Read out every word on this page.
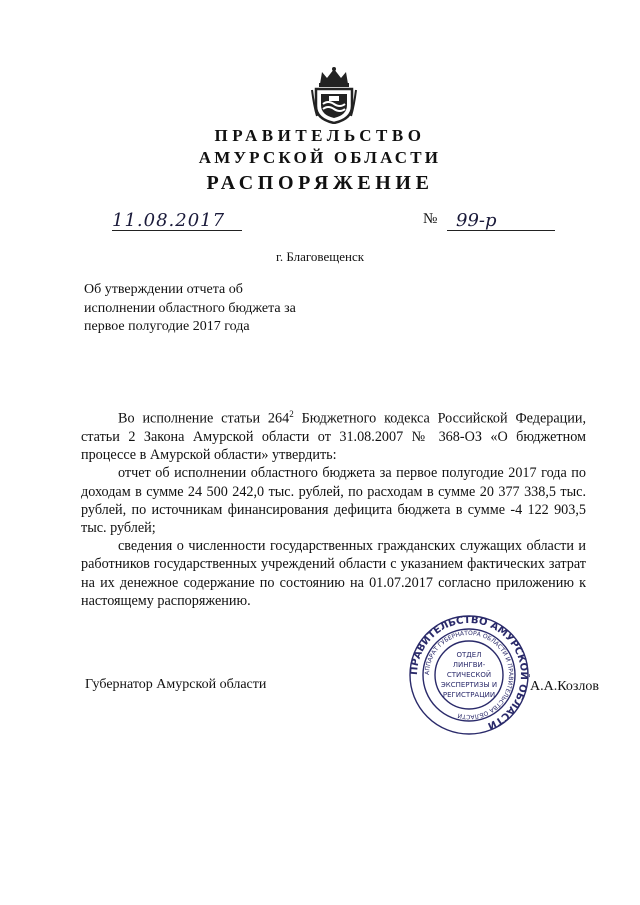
ПРАВИТЕЛЬСТВО
АМУРСКОЙ ОБЛАСТИ
РАСПОРЯЖЕНИЕ
11.08.2017	№ 99-р
г. Благовещенск
Об утверждении отчета об исполнении областного бюджета за первое полугодие 2017 года

Во исполнение статьи $264^2$ Бюджетного кодекса Российской Федерации, статьи 2 Закона Амурской области от 31.08.2007 № 368-ОЗ «О бюджетном процессе в Амурской области» утвердить:

отчет об исполнении областного бюджета за первое полугодие 2017 года по доходам в сумме 24 500 242,0 тыс. рублей, по расходам в сумме 20 377 338,5 тыс. рублей, по источникам финансирования дефицита бюджета в сумме -4 122 903,5 тыс. рублей;

сведения о численности государственных гражданских служащих области и работников государственных учреждений области с указанием фактических затрат на их денежное содержание по состоянию на 01.07.2017 согласно приложению к настоящему распоряжению.

Губернатор Амурской области
ПРАВИТЕЛЬСТВО АМУРСКОЙ ОБЛАСТИ
АППАРАТ ГУБЕРНАТОРА ОБЛАСТИ И ПРАВИТЕЛЬСТВА ОБЛАСТИ
ОТДЕЛ
ЛИНГВИ-
СТИЧЕСКОЙ
ЭКСПЕРТИЗЫ И
РЕГИСТРАЦИИ
А.А.Козлов
